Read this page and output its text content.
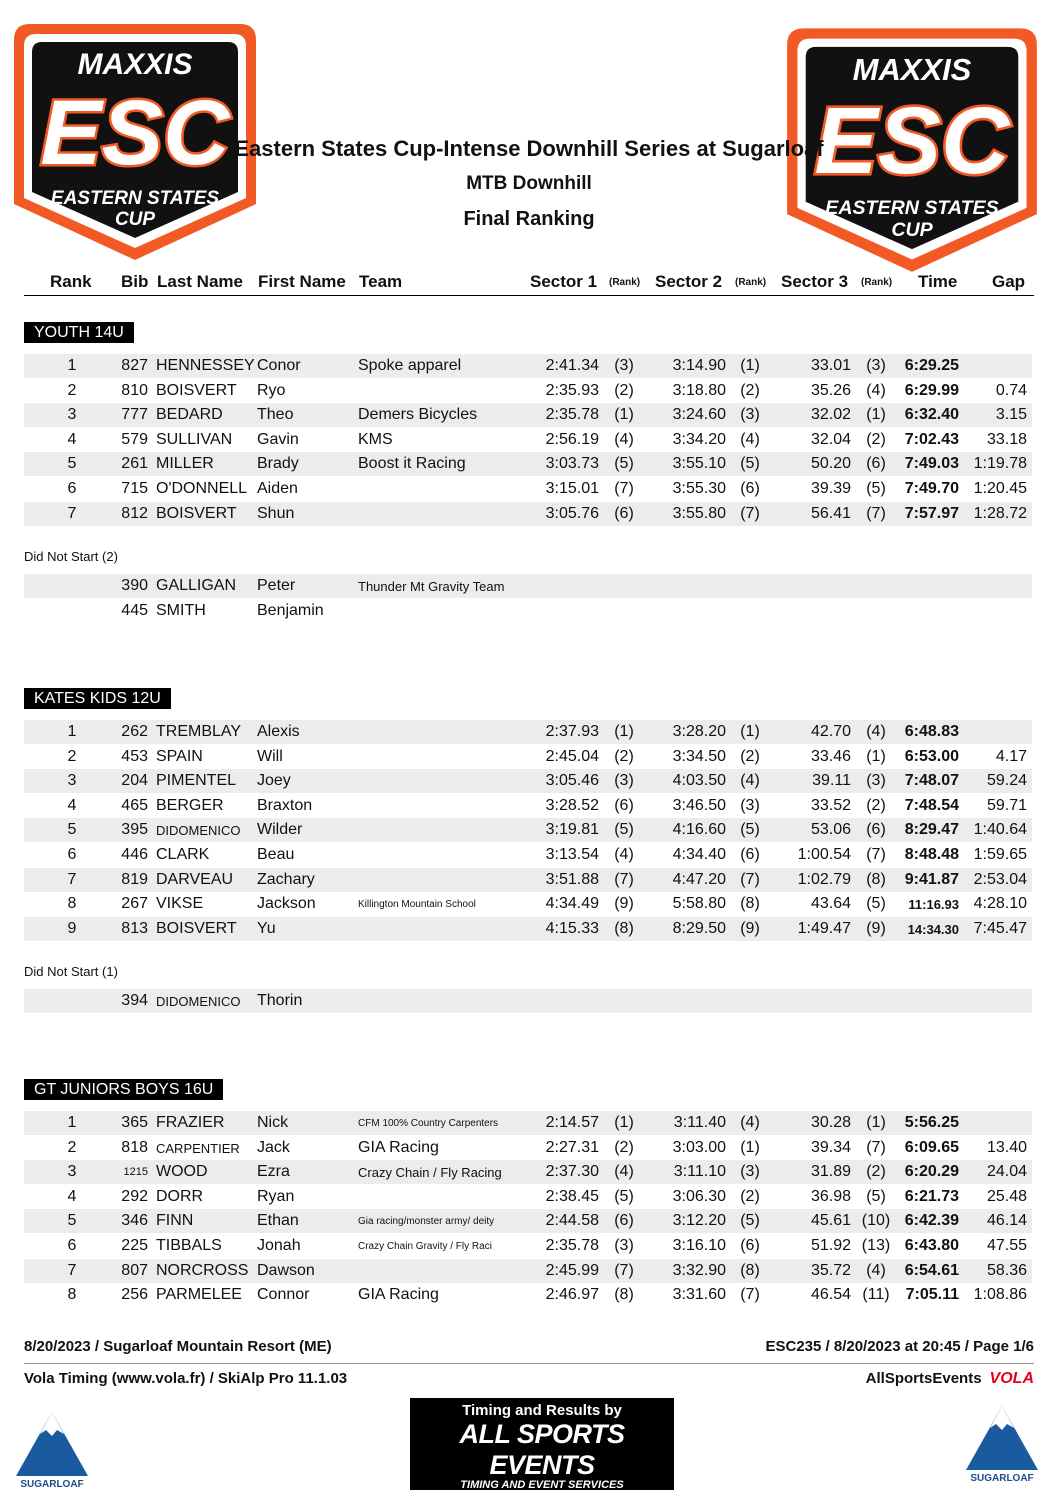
MAXXIS
ESC
EASTERN STATES
CUP
MAXXIS
ESC
EASTERN STATES
CUP
Eastern States Cup-Intense Downhill Series at Sugarloaf
MTB Downhill
Final Ranking
Rank Bib Last Name First Name Team	Sector 1 (Rank) Sector 2 (Rank) Sector 3 (Rank) Time Gap
YOUTH 14U
1	827 HENNESSEY Conor	Spoke apparel	2:41.34 (3)	3:14.90 (1)	33.01 (3)	6:29.25
2	810 BOISVERT Ryo	2:35.93 (2)	3:18.80 (2)	35.26 (4)	6:29.99	0.74
3	777 BEDARD Theo	Demers Bicycles	2:35.78 (1)	3:24.60 (3)	32.02 (1)	6:32.40	3.15
4	579 SULLIVAN Gavin	KMS	2:56.19 (4)	3:34.20 (4)	32.04 (2)	7:02.43	33.18
5	261 MILLER	Brady	Boost it Racing	3:03.73 (5)	3:55.10 (5)	50.20 (6)	7:49.03 1:19.78
6	715 O'DONNELL Aiden	3:15.01 (7)	3:55.30 (6)	39.39 (5)	7:49.70 1:20.45
7	812 BOISVERT Shun	3:05.76 (6)	3:55.80 (7)	56.41 (7)	7:57.97 1:28.72
Did Not Start (2)
390 GALLIGAN Peter	Thunder Mt Gravity Team
445 SMITH	Benjamin
KATES KIDS 12U
1	262 TREMBLAY Alexis	2:37.93 (1)	3:28.20 (1)	42.70 (4)	6:48.83
2	453 SPAIN	Will	2:45.04 (2)	3:34.50 (2)	33.46 (1)	6:53.00	4.17
3	204 PIMENTEL Joey	3:05.46 (3)	4:03.50 (4)	39.11 (3)	7:48.07	59.24
4	465 BERGER Braxton	3:28.52 (6)	3:46.50 (3)	33.52 (2)	7:48.54	59.71
5	395 DIDOMENICO Wilder	3:19.81 (5)	4:16.60 (5)	53.06 (6)	8:29.47 1:40.64
6	446 CLARK	Beau	3:13.54 (4)	4:34.40 (6)	1:00.54 (7)	8:48.48 1:59.65
7	819 DARVEAU Zachary	3:51.88 (7)	4:47.20 (7)	1:02.79 (8)	9:41.87 2:53.04
8	267 VIKSE	Jackson	Killington Mountain School	4:34.49 (9)	5:58.80 (8)	43.64 (5)	11:16.93 4:28.10
9	813 BOISVERT Yu	4:15.33 (8)	8:29.50 (9)	1:49.47 (9)	14:34.30 7:45.47
Did Not Start (1)
394 DIDOMENICO Thorin
GT JUNIORS BOYS 16U
1	365 FRAZIER Nick	CFM 100% Country Carpenters	2:14.57 (1)	3:11.40 (4)	30.28 (1)	5:56.25
2	818 CARPENTIER Jack	GIA Racing	2:27.31 (2)	3:03.00 (1)	39.34 (7)	6:09.65	13.40
3	1215 WOOD	Ezra	Crazy Chain / Fly Racing	2:37.30 (4)	3:11.10 (3)	31.89 (2)	6:20.29	24.04
4	292 DORR	Ryan	2:38.45 (5)	3:06.30 (2)	36.98 (5)	6:21.73	25.48
5	346 FINN	Ethan	Gia racing/monster army/ deity	2:44.58 (6)	3:12.20 (5)	45.61 (10) 6:42.39	46.14
6	225 TIBBALS Jonah	Crazy Chain Gravity / Fly Raci	2:35.78 (3)	3:16.10 (6)	51.92 (13) 6:43.80	47.55
7	807 NORCROSS Dawson	2:45.99 (7)	3:32.90 (8)	35.72 (4)	6:54.61	58.36
8	256 PARMELEE Connor	GIA Racing	2:46.97 (8)	3:31.60 (7)	46.54 (11) 7:05.11 1:08.86
8/20/2023 / Sugarloaf Mountain Resort (ME)	ESC235 / 8/20/2023 at 20:45 / Page 1/6
Vola Timing (www.vola.fr) / SkiAlp Pro 11.1.03	AllSportsEvents VOLA
SUGARLOAF
SUGARLOAF
Timing and Results by
ALL SPORTS EVENTS
TIMING AND EVENT SERVICES
www.allsportsevents.com
